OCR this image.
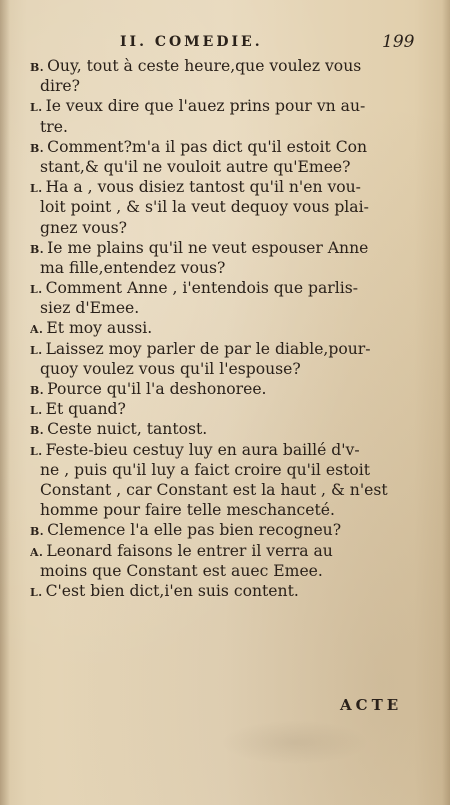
II. COMEDIE.	199
B. Ouy, tout à ceste heure,que voulez vous
dire?
L. Ie veux dire que l'auez prins pour vn au-
tre.
B. Comment?m'a il pas dict qu'il estoit Con
stant,& qu'il ne vouloit autre qu'Emee?
L. Ha a , vous disiez tantost qu'il n'en vou-
loit point , & s'il la veut dequoy vous plai-
gnez vous?
B. Ie me plains qu'il ne veut espouser Anne
ma fille,entendez vous?
L. Comment Anne , i'entendois que parlis-
siez d'Emee.
A. Et moy aussi.
L. Laissez moy parler de par le diable,pour-
quoy voulez vous qu'il l'espouse?
B. Pource qu'il l'a deshonoree.
L. Et quand?
B. Ceste nuict, tantost.
L. Feste-bieu cestuy luy en aura baillé d'v-
ne , puis qu'il luy a faict croire qu'il estoit
Constant , car Constant est la haut , & n'est
homme pour faire telle meschanceté.
B. Clemence l'a elle pas bien recogneu?
A. Leonard faisons le entrer il verra au
moins que Constant est auec Emee.
L. C'est bien dict,i'en suis content.
ACTE
